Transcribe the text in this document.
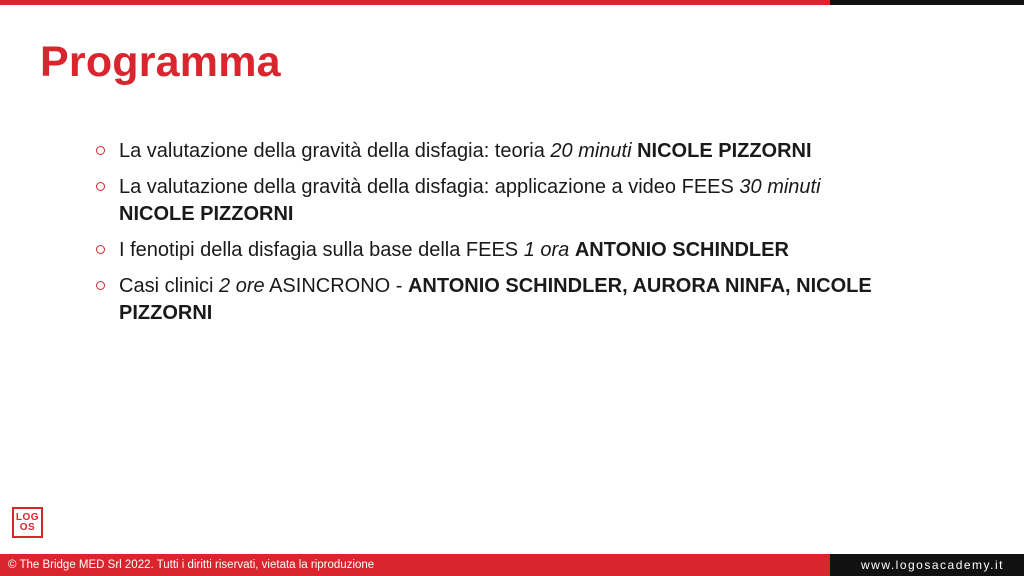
Programma
La valutazione della gravità della disfagia: teoria 20 minuti NICOLE PIZZORNI
La valutazione della gravità della disfagia: applicazione a video FEES 30 minuti NICOLE PIZZORNI
I fenotipi della disfagia sulla base della FEES 1 ora ANTONIO SCHINDLER
Casi clinici 2 ore ASINCRONO - ANTONIO SCHINDLER, AURORA NINFA, NICOLE PIZZORNI
LOG
OS
© The Bridge MED Srl 2022. Tutti i diritti riservati, vietata la riproduzione	www.logosacademy.it
